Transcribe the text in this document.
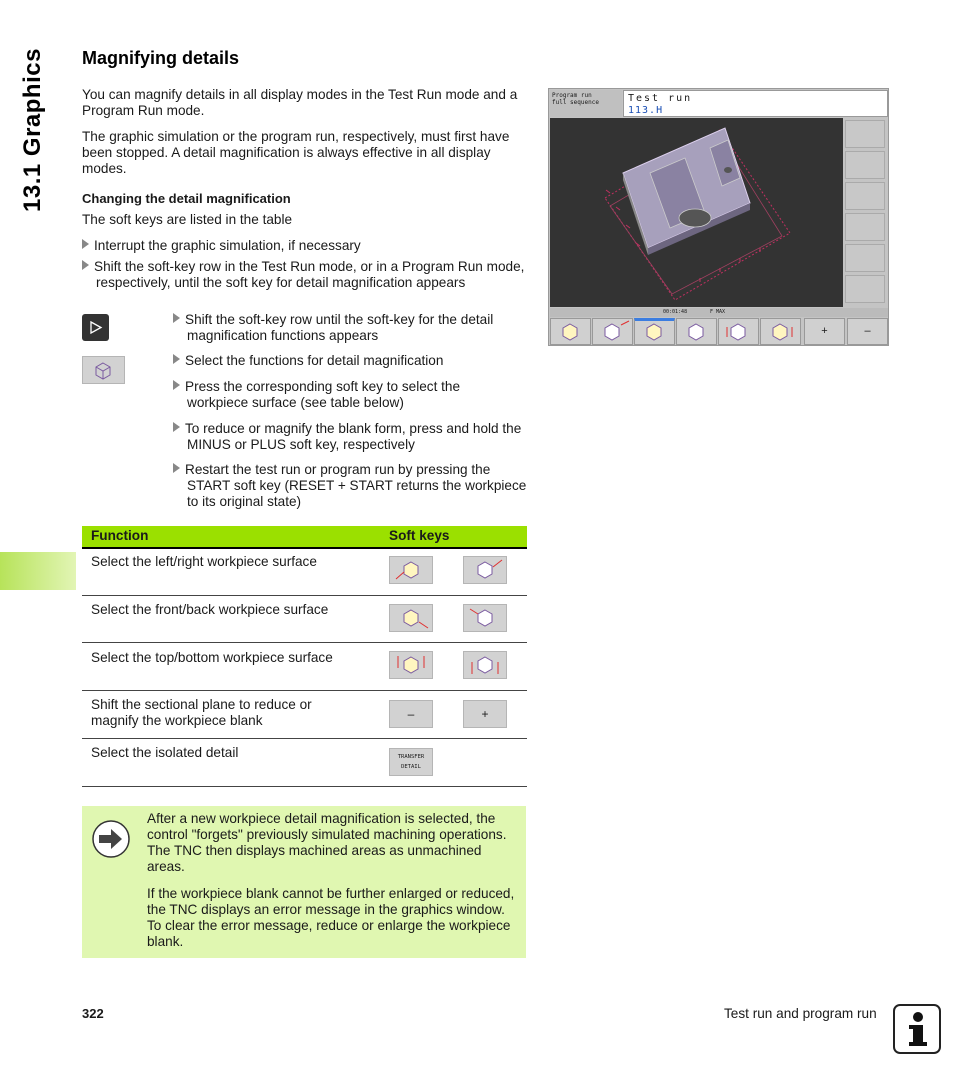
13.1 Graphics Magnifying details

You can magnify details in all display modes in the Test Run mode and a Program Run mode.

The graphic simulation or the program run, respectively, must first have been stopped. A detail magnification is always effective in all display modes.

Changing the detail magnification

The soft keys are listed in the table

Interrupt the graphic simulation, if necessary

Shift the soft-key row in the Test Run mode, or in a Program Run mode, respectively, until the soft key for detail magnification appears

Shift the soft-key row until the soft-key for the detail magnification functions appears

Select the functions for detail magnification

Press the corresponding soft key to select the workpiece surface (see table below)

To reduce or magnify the blank form, press and hold the MINUS or PLUS soft key, respectively

Restart the test run or program run by pressing the START soft key (RESET + START returns the workpiece to its original state)

Program run
full sequence	Test run
113.H
00:01:48	F MAX
+	–
Function	Soft keys

Select the left/right workpiece surface

Select the front/back workpiece surface

Select the top/bottom workpiece surface

Shift the sectional plane to reduce or magnify the workpiece blank	–	+

Select the isolated detail	TRANSFER
DETAIL

After a new workpiece detail magnification is selected, the control "forgets" previously simulated machining operations. The TNC then displays machined areas as unmachined areas.

If the workpiece blank cannot be further enlarged or reduced, the TNC displays an error message in the graphics window. To clear the error message, reduce or enlarge the workpiece blank.

322	Test run and program run
